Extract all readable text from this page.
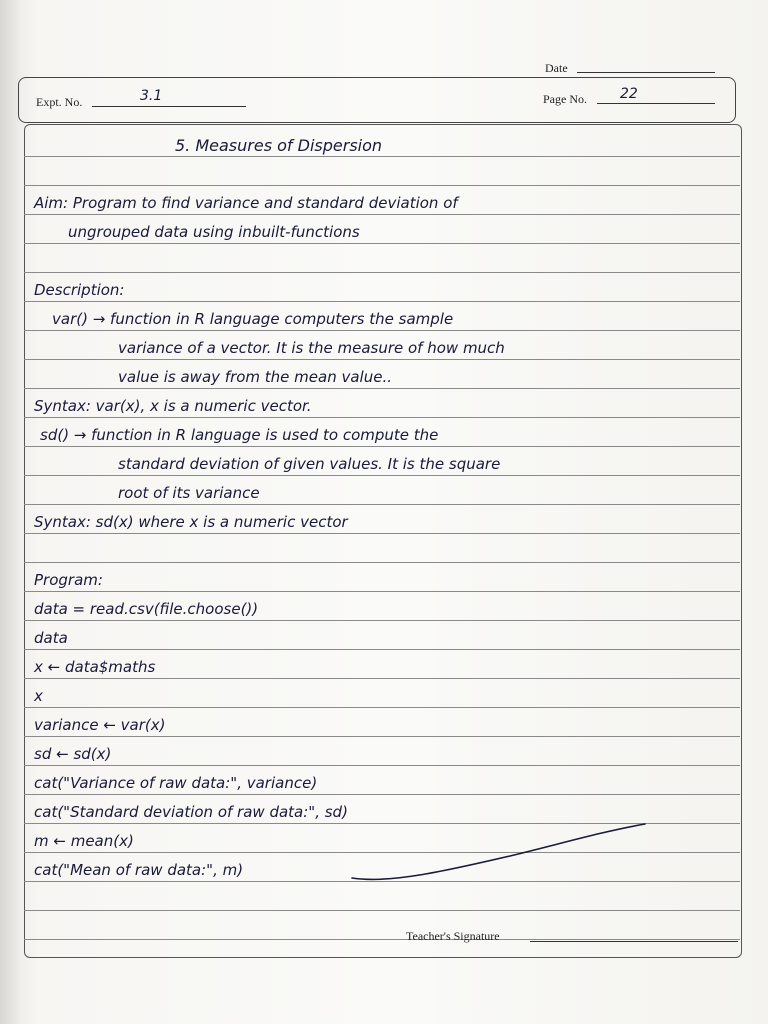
Date
Expt. No.	3.1	Page No. 22
5. Measures of Dispersion
Aim: Program to find variance and standard deviation of
ungrouped data using inbuilt-functions
Description:
var() → function in R language computers the sample
variance of a vector. It is the measure of how much
value is away from the mean value..
Syntax: var(x), x is a numeric vector.
sd() → function in R language is used to compute the
standard deviation of given values. It is the square
root of its variance
Syntax: sd(x) where x is a numeric vector
Program:
data = read.csv(file.choose())
data
x ← data$maths
x
variance ← var(x)
sd ← sd(x)
cat("Variance of raw data:", variance)
cat("Standard deviation of raw data:", sd)
m ← mean(x)
cat("Mean of raw data:", m)
Teacher's Signature
